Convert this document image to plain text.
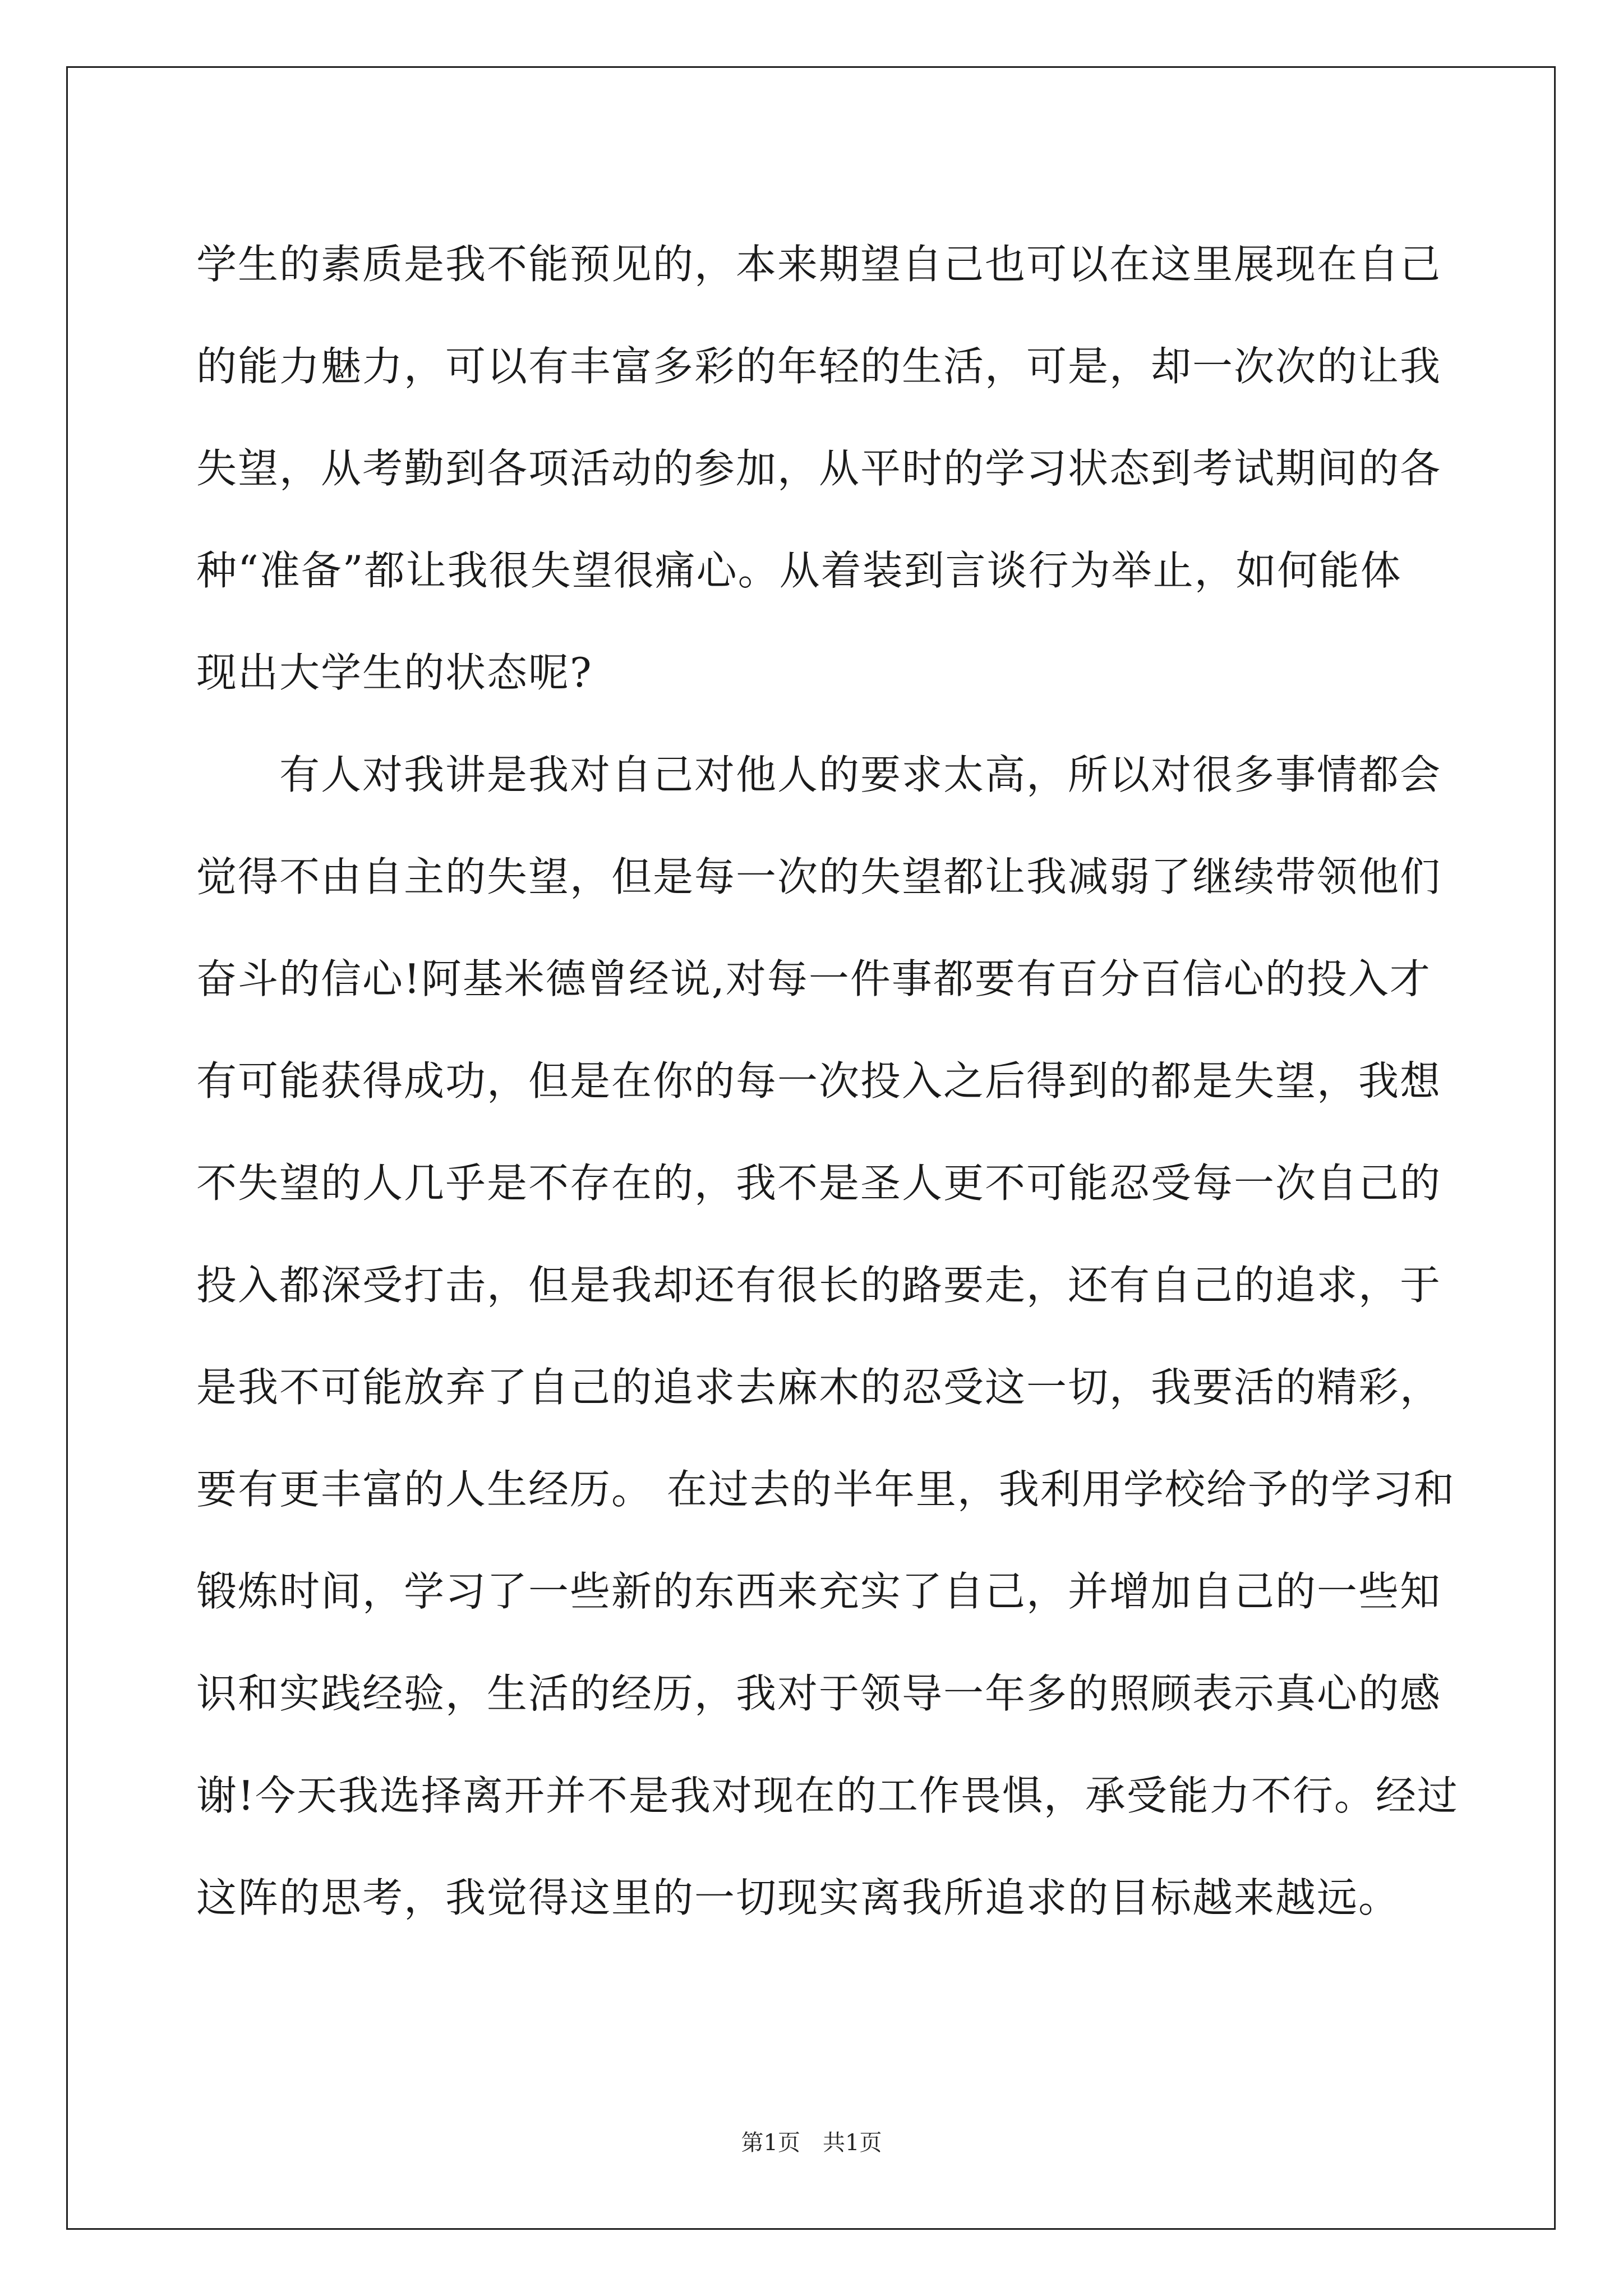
学生的素质是我不能预见的，本来期望自己也可以在这里展现在自己
的能力魅力，可以有丰富多彩的年轻的生活，可是，却一次次的让我
失望，从考勤到各项活动的参加，从平时的学习状态到考试期间的各
种“准备”都让我很失望很痛心。从着装到言谈行为举止，如何能体
现出大学生的状态呢?
　　有人对我讲是我对自己对他人的要求太高，所以对很多事情都会
觉得不由自主的失望，但是每一次的失望都让我减弱了继续带领他们
奋斗的信心!阿基米德曾经说,对每一件事都要有百分百信心的投入才
有可能获得成功，但是在你的每一次投入之后得到的都是失望，我想
不失望的人几乎是不存在的，我不是圣人更不可能忍受每一次自己的
投入都深受打击，但是我却还有很长的路要走，还有自己的追求，于
是我不可能放弃了自己的追求去麻木的忍受这一切，我要活的精彩，
要有更丰富的人生经历。 在过去的半年里，我利用学校给予的学习和
锻炼时间，学习了一些新的东西来充实了自己，并增加自己的一些知
识和实践经验，生活的经历，我对于领导一年多的照顾表示真心的感
谢!今天我选择离开并不是我对现在的工作畏惧，承受能力不行。经过
这阵的思考，我觉得这里的一切现实离我所追求的目标越来越远。
第1页　共1页
